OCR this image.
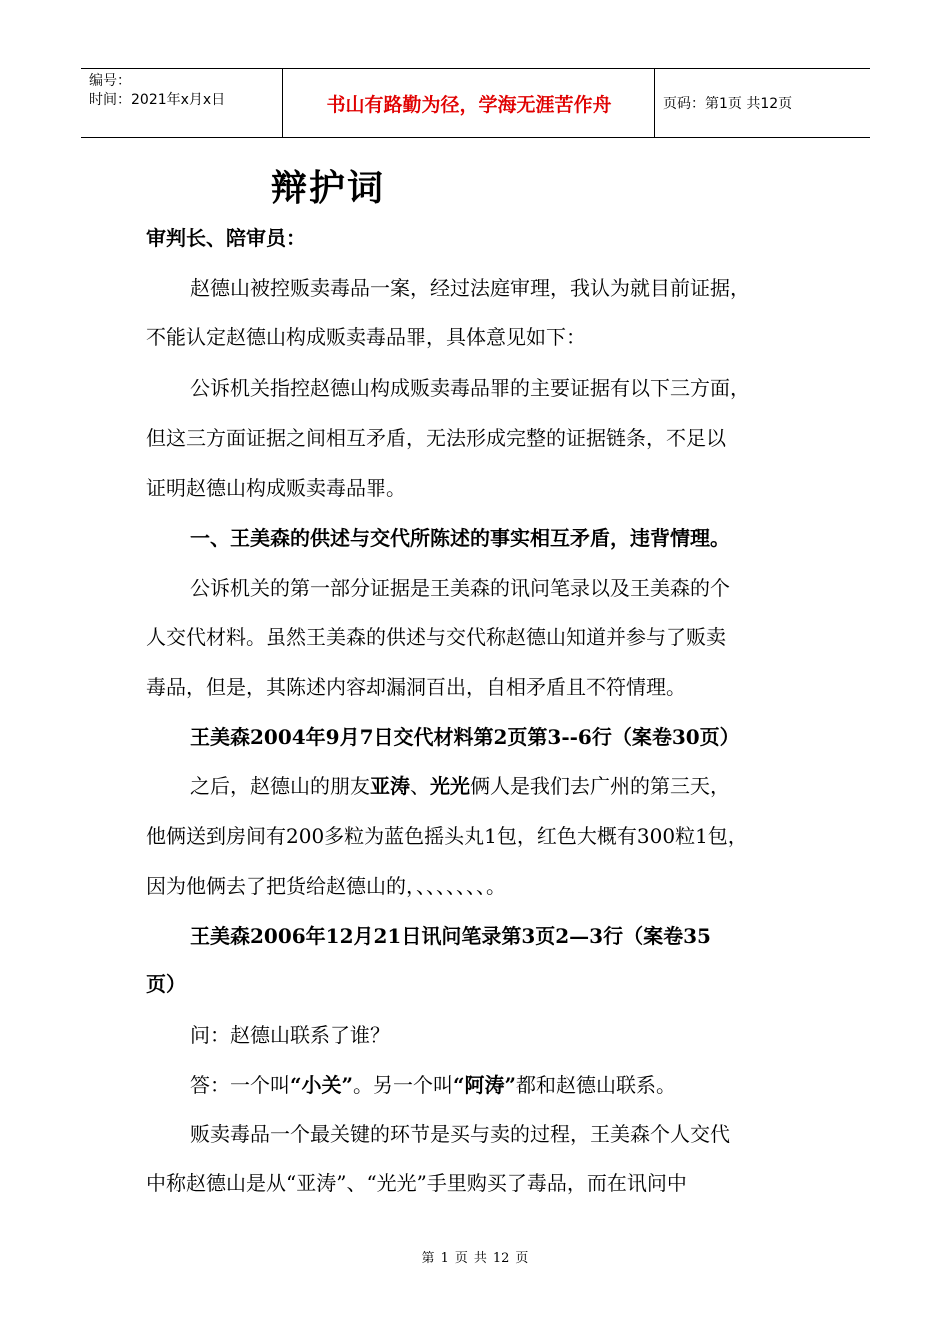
编号：
时间：2021年x月x日	书山有路勤为径，学海无涯苦作舟	页码：第1页 共12页
辩护词
审判长、陪审员：
赵德山被控贩卖毒品一案，经过法庭审理，我认为就目前证据，
不能认定赵德山构成贩卖毒品罪，具体意见如下：
公诉机关指控赵德山构成贩卖毒品罪的主要证据有以下三方面，
但这三方面证据之间相互矛盾，无法形成完整的证据链条，不足以
证明赵德山构成贩卖毒品罪。
一、王美森的供述与交代所陈述的事实相互矛盾，违背情理。
公诉机关的第一部分证据是王美森的讯问笔录以及王美森的个
人交代材料。虽然王美森的供述与交代称赵德山知道并参与了贩卖
毒品，但是，其陈述内容却漏洞百出，自相矛盾且不符情理。
王美森2004年9月7日交代材料第2页第3--6行（案卷30页）
之后，赵德山的朋友亚涛、光光俩人是我们去广州的第三天，
他俩送到房间有200多粒为蓝色摇头丸1包，红色大概有300粒1包，
因为他俩去了把货给赵德山的，、、、、、、、。
王美森2006年12月21日讯问笔录第3页2—3行（案卷35
页）
问：赵德山联系了谁？
答：一个叫“小关”。另一个叫“阿涛”都和赵德山联系。
贩卖毒品一个最关键的环节是买与卖的过程，王美森个人交代
中称赵德山是从“亚涛”、“光光”手里购买了毒品，而在讯问中
第 1 页 共 12 页
